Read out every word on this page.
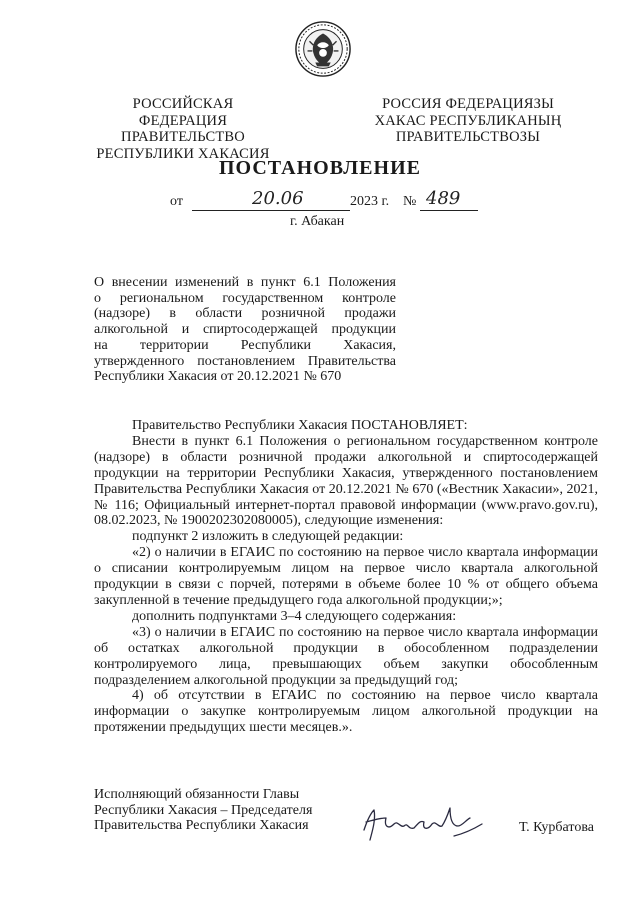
РОССИЙСКАЯ ФЕДЕРАЦИЯ
ПРАВИТЕЛЬСТВО
РЕСПУБЛИКИ ХАКАСИЯ
РОССИЯ ФЕДЕРАЦИЯЗЫ
ХАКАС РЕСПУБЛИКАНЫҢ
ПРАВИТЕЛЬСТВОЗЫ
ПОСТАНОВЛЕНИЕ
от	20.06	2023 г. № 489
г. Абакан

О внесении изменений в пункт 6.1 Положения

о региональном государственном контроле

(надзоре) в области розничной продажи

алкогольной и спиртосодержащей продукции

на территории Республики Хакасия,

утвержденного постановлением Правительства

Республики Хакасия от 20.12.2021 № 670

Правительство Республики Хакасия ПОСТАНОВЛЯЕТ:

Внести в пункт 6.1 Положения о региональном государственном контроле (надзоре) в области розничной продажи алкогольной и спиртосодержащей продукции на территории Республики Хакасия, утвержденного постановлением Правительства Республики Хакасия от 20.12.2021 № 670 («Вестник Хакасии», 2021, № 116; Официальный интернет-портал правовой информации (www.pravo.gov.ru), 08.02.2023, № 1900202302080005), следующие изменения:

подпункт 2 изложить в следующей редакции:

«2) о наличии в ЕГАИС по состоянию на первое число квартала информации о списании контролируемым лицом на первое число квартала алкогольной продукции в связи с порчей, потерями в объеме более 10 % от общего объема закупленной в течение предыдущего года алкогольной продукции;»;

дополнить подпунктами 3–4 следующего содержания:

«3) о наличии в ЕГАИС по состоянию на первое число квартала информации об остатках алкогольной продукции в обособленном подразделении контролируемого лица, превышающих объем закупки обособленным подразделением алкогольной продукции за предыдущий год;

4) об отсутствии в ЕГАИС по состоянию на первое число квартала информации о закупке контролируемым лицом алкогольной продукции на протяжении предыдущих шести месяцев.».

Исполняющий обязанности Главы
Республики Хакасия – Председателя
Правительства Республики Хакасия	Т. Курбатова
